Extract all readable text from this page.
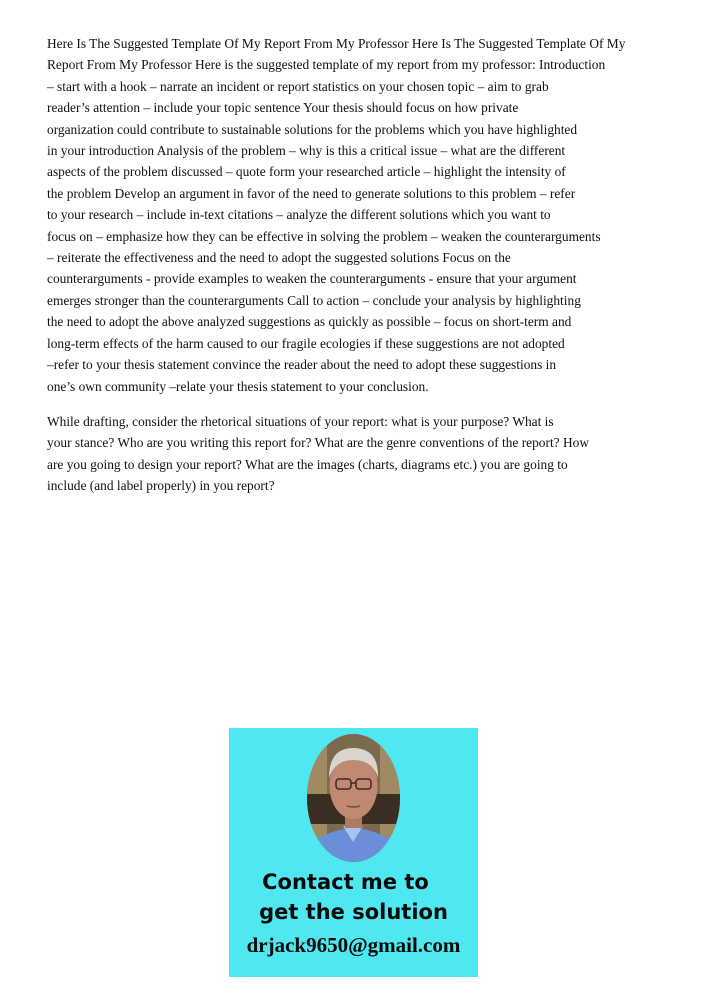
Here Is The Suggested Template Of My Report From My Professor Here Is The Suggested Template Of My
Report From My Professor Here is the suggested template of my report from my professor: Introduction
– start with a hook – narrate an incident or report statistics on your chosen topic – aim to grab
reader’s attention – include your topic sentence Your thesis should focus on how private
organization could contribute to sustainable solutions for the problems which you have highlighted
in your introduction Analysis of the problem – why is this a critical issue – what are the different
aspects of the problem discussed – quote form your researched article – highlight the intensity of
the problem Develop an argument in favor of the need to generate solutions to this problem – refer
to your research – include in-text citations – analyze the different solutions which you want to
focus on – emphasize how they can be effective in solving the problem – weaken the counterarguments
– reiterate the effectiveness and the need to adopt the suggested solutions Focus on the
counterarguments - provide examples to weaken the counterarguments - ensure that your argument
emerges stronger than the counterarguments Call to action – conclude your analysis by highlighting
the need to adopt the above analyzed suggestions as quickly as possible – focus on short-term and
long-term effects of the harm caused to our fragile ecologies if these suggestions are not adopted
–refer to your thesis statement convince the reader about the need to adopt these suggestions in
one’s own community –relate your thesis statement to your conclusion.
While drafting, consider the rhetorical situations of your report: what is your purpose? What is
your stance? Who are you writing this report for? What are the genre conventions of the report? How
are you going to design your report? What are the images (charts, diagrams etc.) you are going to
include (and label properly) in you report?
Contact me to
get the solution
drjack9650@gmail.com
